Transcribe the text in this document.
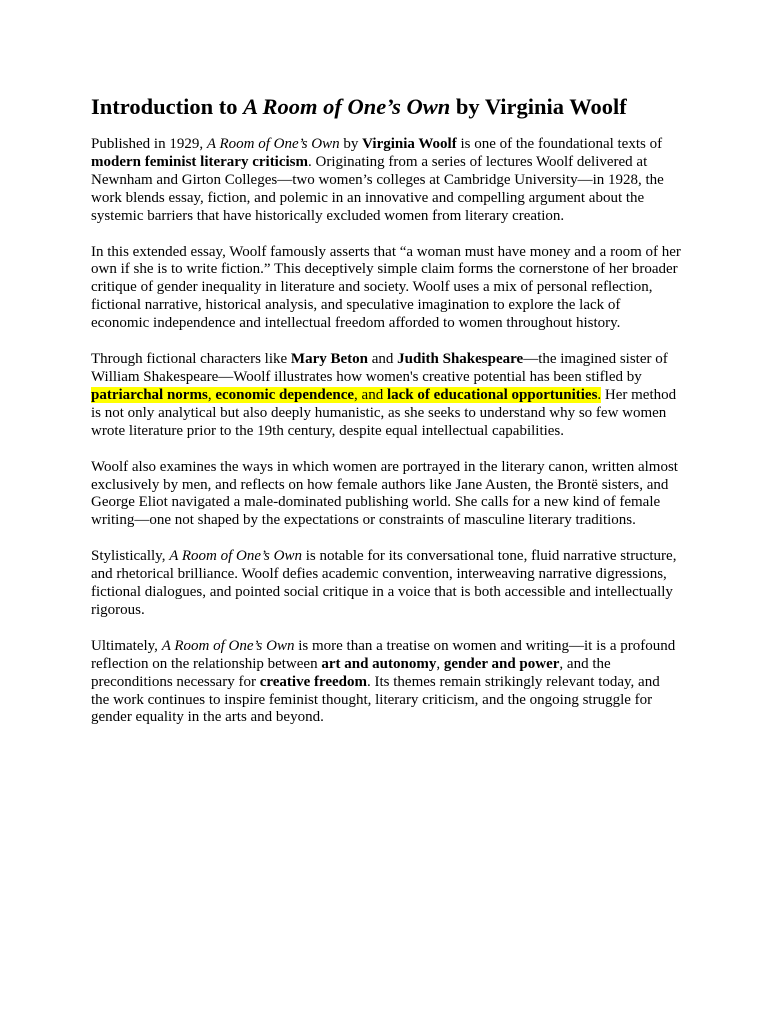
Introduction to A Room of One’s Own by Virginia Woolf

Published in 1929, A Room of One’s Own by Virginia Woolf is one of the foundational texts of modern feminist literary criticism. Originating from a series of lectures Woolf delivered at Newnham and Girton Colleges—two women’s colleges at Cambridge University—in 1928, the work blends essay, fiction, and polemic in an innovative and compelling argument about the systemic barriers that have historically excluded women from literary creation.

In this extended essay, Woolf famously asserts that “a woman must have money and a room of her own if she is to write fiction.” This deceptively simple claim forms the cornerstone of her broader critique of gender inequality in literature and society. Woolf uses a mix of personal reflection, fictional narrative, historical analysis, and speculative imagination to explore the lack of economic independence and intellectual freedom afforded to women throughout history.

Through fictional characters like Mary Beton and Judith Shakespeare—the imagined sister of William Shakespeare—Woolf illustrates how women's creative potential has been stifled by patriarchal norms, economic dependence, and lack of educational opportunities. Her method is not only analytical but also deeply humanistic, as she seeks to understand why so few women wrote literature prior to the 19th century, despite equal intellectual capabilities.

Woolf also examines the ways in which women are portrayed in the literary canon, written almost exclusively by men, and reflects on how female authors like Jane Austen, the Brontë sisters, and George Eliot navigated a male-dominated publishing world. She calls for a new kind of female writing—one not shaped by the expectations or constraints of masculine literary traditions.

Stylistically, A Room of One’s Own is notable for its conversational tone, fluid narrative structure, and rhetorical brilliance. Woolf defies academic convention, interweaving narrative digressions, fictional dialogues, and pointed social critique in a voice that is both accessible and intellectually rigorous.

Ultimately, A Room of One’s Own is more than a treatise on women and writing—it is a profound reflection on the relationship between art and autonomy, gender and power, and the preconditions necessary for creative freedom. Its themes remain strikingly relevant today, and the work continues to inspire feminist thought, literary criticism, and the ongoing struggle for gender equality in the arts and beyond.
